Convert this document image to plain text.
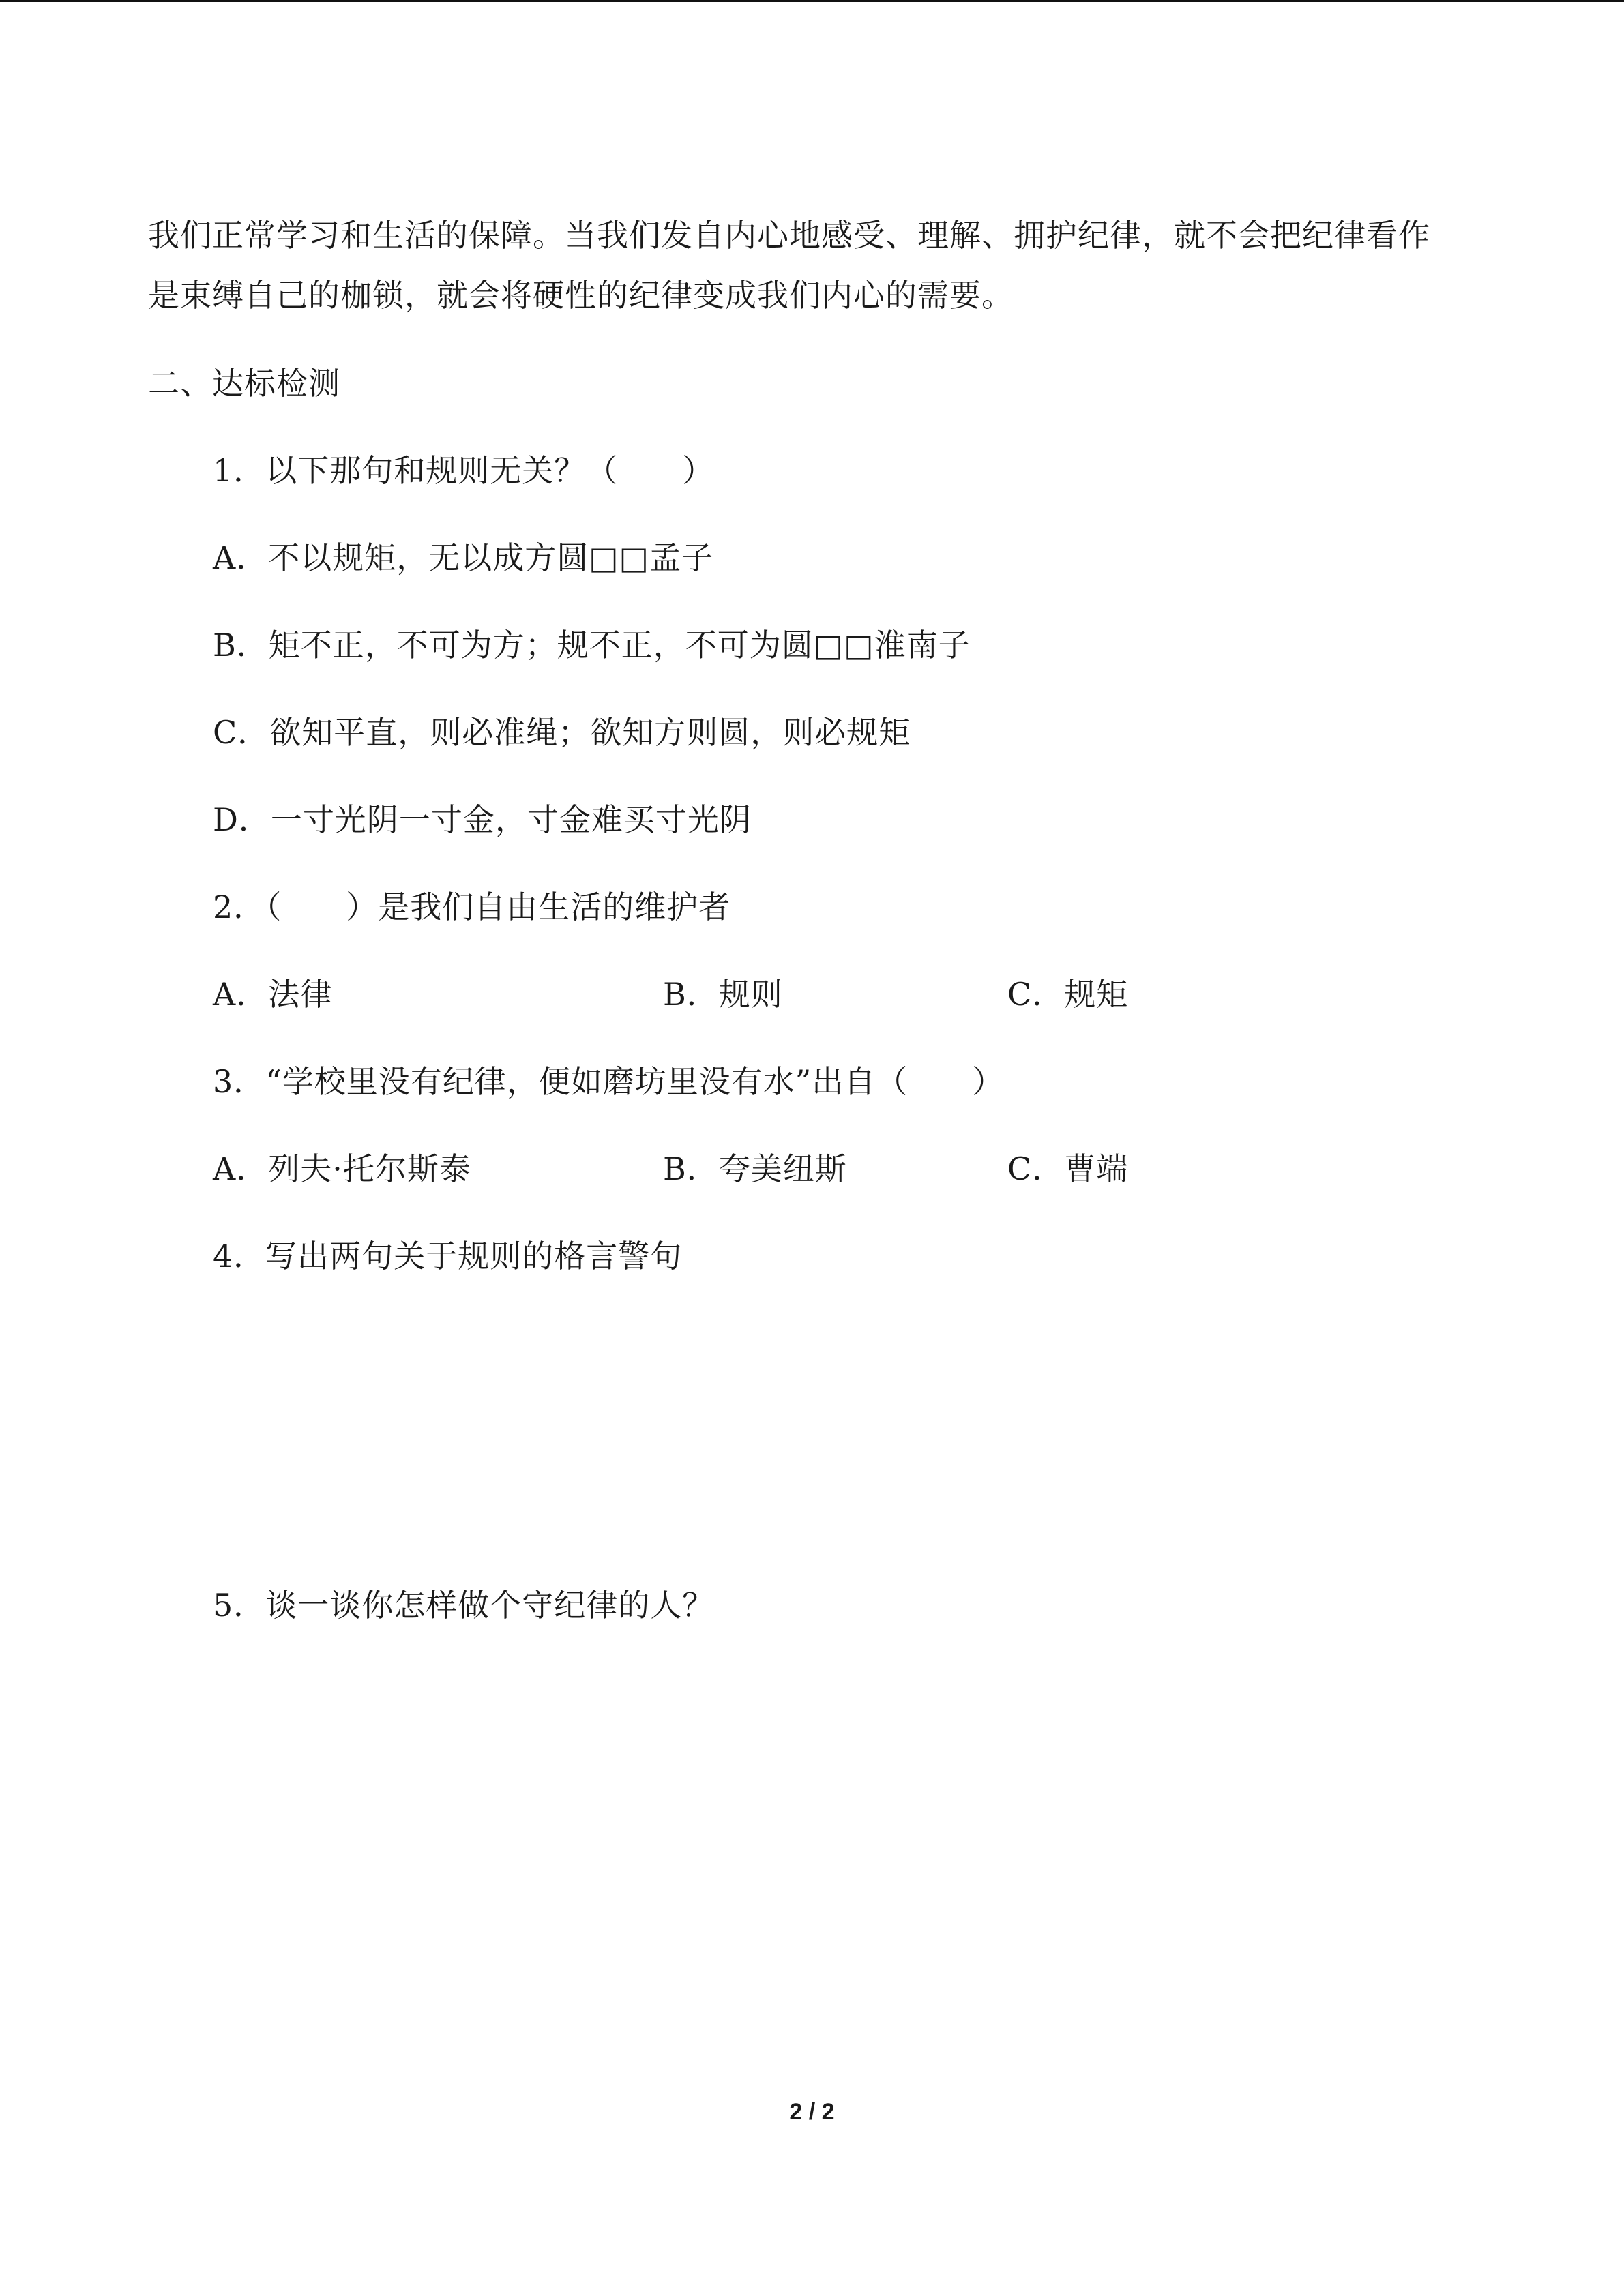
我们正常学习和生活的保障。当我们发自内心地感受、理解、拥护纪律，就不会把纪律看作
是束缚自己的枷锁，就会将硬性的纪律变成我们内心的需要。
二、达标检测
1．以下那句和规则无关？（　　）
A．不以规矩，无以成方圆□□孟子
B．矩不正，不可为方；规不正，不可为圆□□淮南子
C．欲知平直，则必准绳；欲知方则圆，则必规矩
D．一寸光阴一寸金，寸金难买寸光阴
2．（　　）是我们自由生活的维护者
A．法律	B．规则	C．规矩
3．“学校里没有纪律，便如磨坊里没有水”出自（　　）
A．列夫·托尔斯泰	B．夸美纽斯	C．曹端
4．写出两句关于规则的格言警句
5．谈一谈你怎样做个守纪律的人？
2 / 2
